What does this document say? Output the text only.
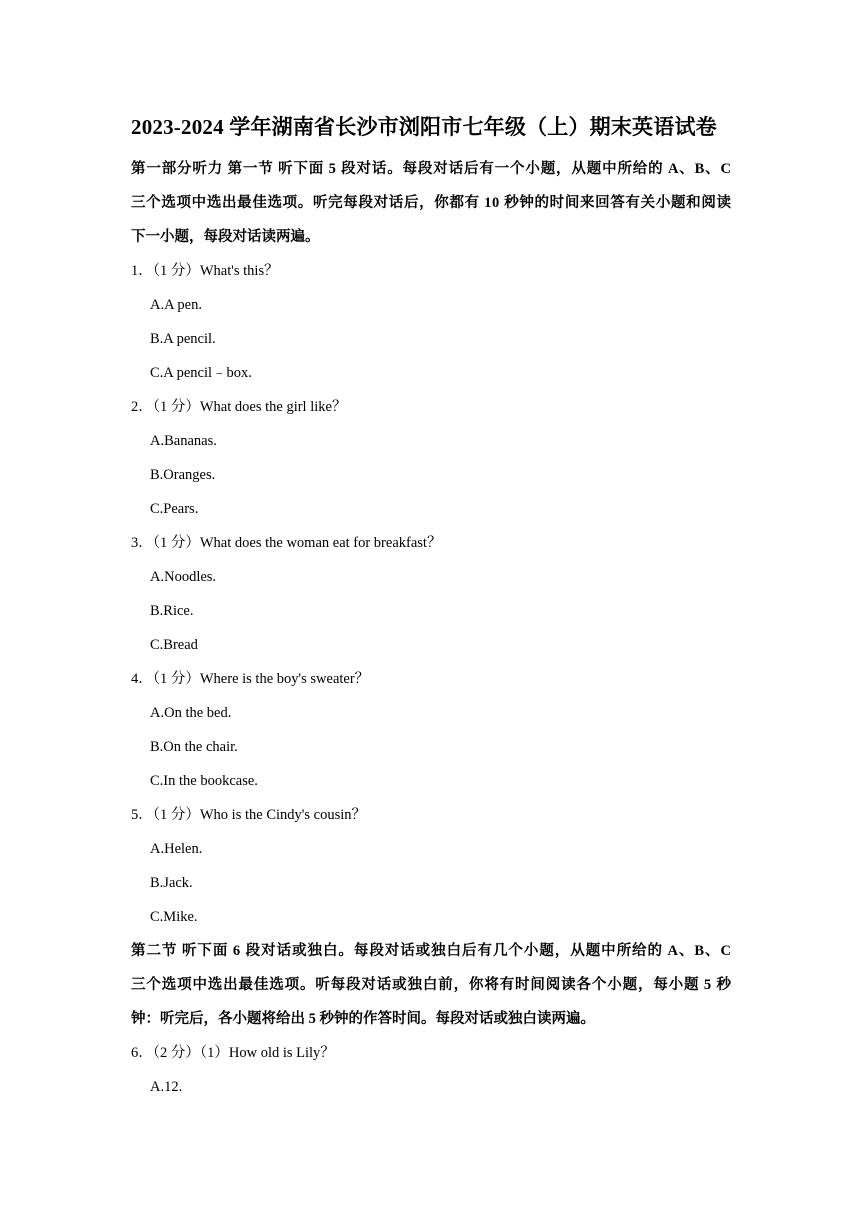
2023-2024 学年湖南省长沙市浏阳市七年级（上）期末英语试卷
第一部分听力 第一节 听下面 5 段对话。每段对话后有一个小题，从题中所给的 A、B、C
三个选项中选出最佳选项。听完每段对话后，你都有 10 秒钟的时间来回答有关小题和阅读
下一小题，每段对话读两遍。
1．（1 分）What's this？
A.A pen.
B.A pencil.
C.A pencil﹣box.
2．（1 分）What does the girl like？
A.Bananas.
B.Oranges.
C.Pears.
3．（1 分）What does the woman eat for breakfast？
A.Noodles.
B.Rice.
C.Bread
4．（1 分）Where is the boy's sweater？
A.On the bed.
B.On the chair.
C.In the bookcase.
5．（1 分）Who is the Cindy's cousin？
A.Helen.
B.Jack.
C.Mike.
第二节 听下面 6 段对话或独白。每段对话或独白后有几个小题，从题中所给的 A、B、C
三个选项中选出最佳选项。听每段对话或独白前，你将有时间阅读各个小题，每小题 5 秒
钟：听完后，各小题将给出 5 秒钟的作答时间。每段对话或独白读两遍。
6．（2 分）（1）How old is Lily？
A.12.
